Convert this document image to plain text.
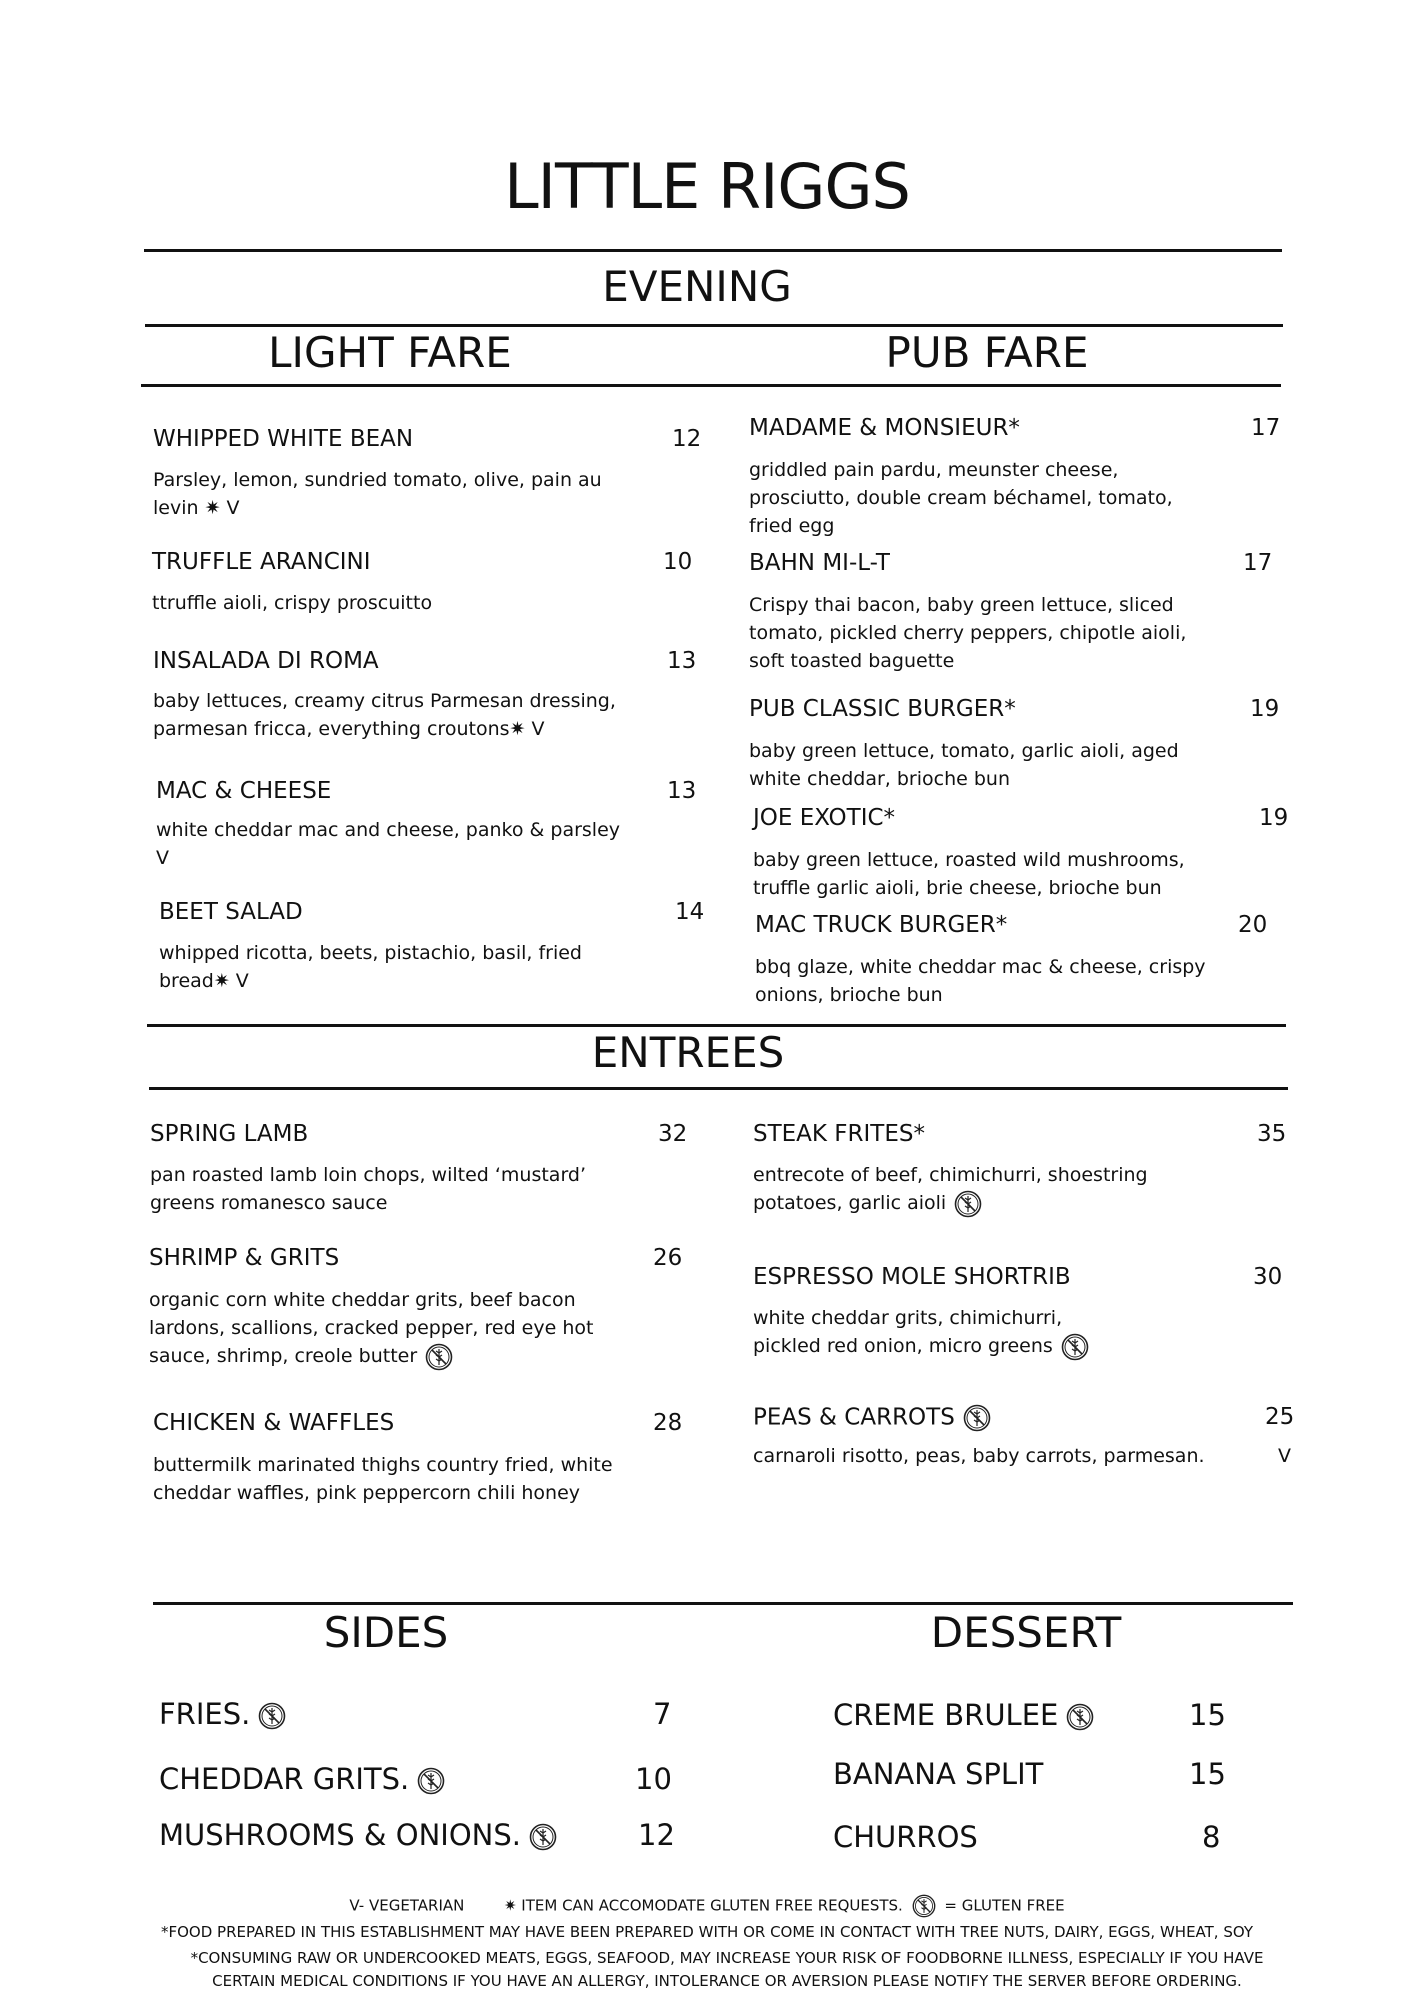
LITTLE RIGGS
EVENING
LIGHT FARE	PUB FARE
ENTREES
SIDES	DESSERT
WHIPPED WHITE BEAN	12
Parsley, lemon, sundried tomato, olive, pain au
levin ✷ V
TRUFFLE ARANCINI	10
ttruffle aioli, crispy proscuitto
INSALADA DI ROMA	13
baby lettuces, creamy citrus Parmesan dressing,
parmesan fricca, everything croutons✷ V
MAC & CHEESE	13
white cheddar mac and cheese, panko & parsley
V
BEET SALAD	14
whipped ricotta, beets, pistachio, basil, fried
bread✷ V
MADAME & MONSIEUR*	17
griddled pain pardu, meunster cheese,
prosciutto, double cream béchamel, tomato,
fried egg
BAHN MI-L-T	17
Crispy thai bacon, baby green lettuce, sliced
tomato, pickled cherry peppers, chipotle aioli,
soft toasted baguette
PUB CLASSIC BURGER*	19
baby green lettuce, tomato, garlic aioli, aged
white cheddar, brioche bun
JOE EXOTIC*	19
baby green lettuce, roasted wild mushrooms,
truffle garlic aioli, brie cheese, brioche bun
MAC TRUCK BURGER*	20
bbq glaze, white cheddar mac & cheese, crispy
onions, brioche bun
SPRING LAMB	32
pan roasted lamb loin chops, wilted ‘mustard’
greens romanesco sauce
SHRIMP & GRITS	26
organic corn white cheddar grits, beef bacon
lardons, scallions, cracked pepper, red eye hot
sauce, shrimp, creole butter
CHICKEN & WAFFLES	28
buttermilk marinated thighs country fried, white
cheddar waffles, pink peppercorn chili honey
STEAK FRITES*	35
entrecote of beef, chimichurri, shoestring
potatoes, garlic aioli
ESPRESSO MOLE SHORTRIB	30
white cheddar grits, chimichurri,
pickled red onion, micro greens
PEAS & CARROTS	25
carnaroli risotto, peas, baby carrots, parmesan.	V
FRIES.	7
CHEDDAR GRITS.	10
MUSHROOMS & ONIONS.	12
CREME BRULEE	15
BANANA SPLIT	15
CHURROS	8
V- VEGETARIAN	✷ ITEM CAN ACCOMODATE GLUTEN FREE REQUESTS.	= GLUTEN FREE
*FOOD PREPARED IN THIS ESTABLISHMENT MAY HAVE BEEN PREPARED WITH OR COME IN CONTACT WITH TREE NUTS, DAIRY, EGGS, WHEAT, SOY
*CONSUMING RAW OR UNDERCOOKED MEATS, EGGS, SEAFOOD, MAY INCREASE YOUR RISK OF FOODBORNE ILLNESS, ESPECIALLY IF YOU HAVE
CERTAIN MEDICAL CONDITIONS IF YOU HAVE AN ALLERGY, INTOLERANCE OR AVERSION PLEASE NOTIFY THE SERVER BEFORE ORDERING.
